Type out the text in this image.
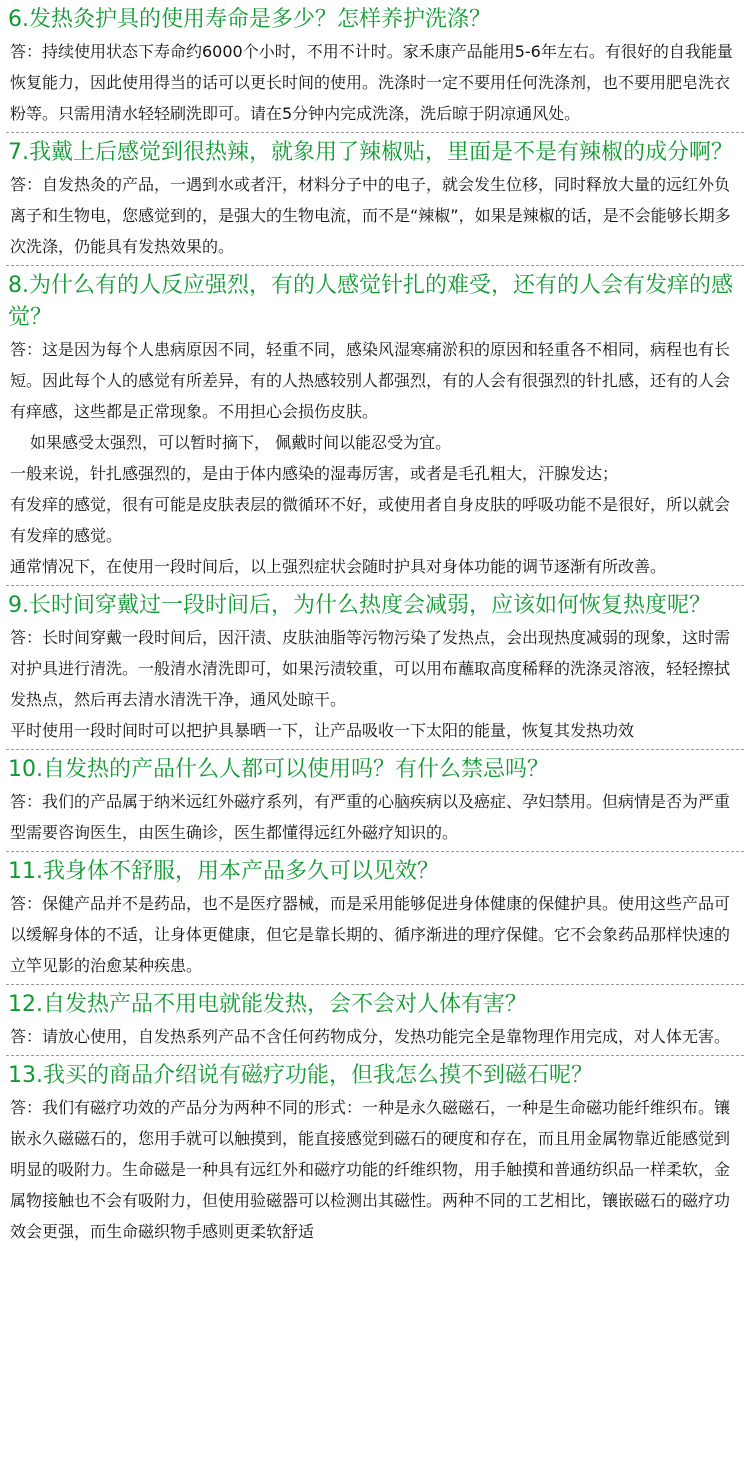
6.发热灸护具的使用寿命是多少？怎样养护洗涤？

答：持续使用状态下寿命约6000个小时，不用不计时。家禾康产品能用5-6年左右。有很好的自我能量恢复能力，因此使用得当的话可以更长时间的使用。洗涤时一定不要用任何洗涤剂，也不要用肥皂洗衣粉等。只需用清水轻轻刷洗即可。请在5分钟内完成洗涤，洗后晾于阴凉通风处。

7.我戴上后感觉到很热辣，就象用了辣椒贴，里面是不是有辣椒的成分啊？

答：自发热灸的产品，一遇到水或者汗，材料分子中的电子，就会发生位移，同时释放大量的远红外负离子和生物电，您感觉到的，是强大的生物电流，而不是“辣椒”，如果是辣椒的话，是不会能够长期多次洗涤，仍能具有发热效果的。

8.为什么有的人反应强烈，有的人感觉针扎的难受，还有的人会有发痒的感觉？

答：这是因为每个人患病原因不同，轻重不同，感染风湿寒痛淤积的原因和轻重各不相同，病程也有长短。因此每个人的感觉有所差异，有的人热感较别人都强烈，有的人会有很强烈的针扎感，还有的人会有痒感，这些都是正常现象。不用担心会损伤皮肤。

如果感受太强烈，可以暂时摘下， 佩戴时间以能忍受为宜。

一般来说，针扎感强烈的，是由于体内感染的湿毒厉害，或者是毛孔粗大，汗腺发达；

有发痒的感觉，很有可能是皮肤表层的微循环不好，或使用者自身皮肤的呼吸功能不是很好，所以就会有发痒的感觉。

通常情况下，在使用一段时间后，以上强烈症状会随时护具对身体功能的调节逐渐有所改善。

9.长时间穿戴过一段时间后，为什么热度会减弱，应该如何恢复热度呢？

答：长时间穿戴一段时间后，因汗渍、皮肤油脂等污物污染了发热点，会出现热度减弱的现象，这时需对护具进行清洗。一般清水清洗即可，如果污渍较重，可以用布蘸取高度稀释的洗涤灵溶液，轻轻擦拭发热点，然后再去清水清洗干净，通风处晾干。

平时使用一段时间时可以把护具暴晒一下，让产品吸收一下太阳的能量，恢复其发热功效

10.自发热的产品什么人都可以使用吗？有什么禁忌吗？

答：我们的产品属于纳米远红外磁疗系列，有严重的心脑疾病以及癌症、孕妇禁用。但病情是否为严重型需要咨询医生，由医生确诊，医生都懂得远红外磁疗知识的。

11.我身体不舒服，用本产品多久可以见效？

答：保健产品并不是药品，也不是医疗器械，而是采用能够促进身体健康的保健护具。使用这些产品可以缓解身体的不适，让身体更健康，但它是靠长期的、循序渐进的理疗保健。它不会象药品那样快速的立竿见影的治愈某种疾患。

12.自发热产品不用电就能发热，会不会对人体有害？

答：请放心使用，自发热系列产品不含任何药物成分，发热功能完全是靠物理作用完成，对人体无害。

13.我买的商品介绍说有磁疗功能，但我怎么摸不到磁石呢？

答：我们有磁疗功效的产品分为两种不同的形式：一种是永久磁磁石，一种是生命磁功能纤维织布。镶嵌永久磁磁石的，您用手就可以触摸到，能直接感觉到磁石的硬度和存在，而且用金属物靠近能感觉到明显的吸附力。生命磁是一种具有远红外和磁疗功能的纤维织物，用手触摸和普通纺织品一样柔软，金属物接触也不会有吸附力，但使用验磁器可以检测出其磁性。两种不同的工艺相比，镶嵌磁石的磁疗功效会更强，而生命磁织物手感则更柔软舒适
